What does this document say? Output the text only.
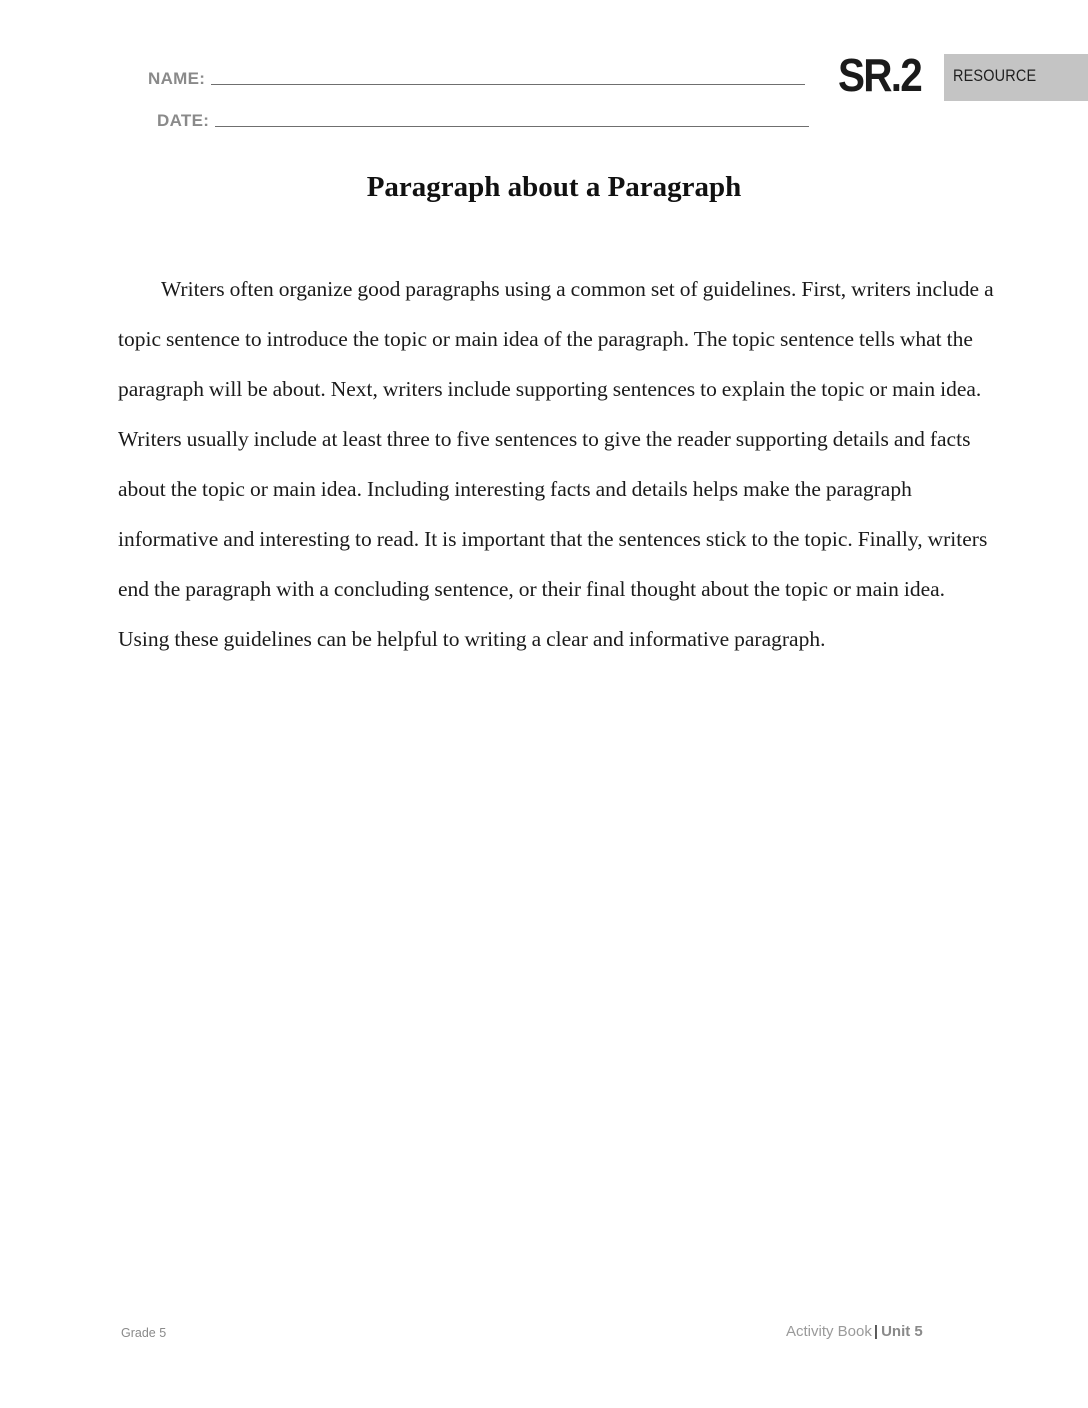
NAME:
DATE:
SR.2 RESOURCE
Paragraph about a Paragraph

Writers often organize good paragraphs using a common set of guidelines. First, writers include a topic sentence to introduce the topic or main idea of the paragraph. The topic sentence tells what the paragraph will be about. Next, writers include supporting sentences to explain the topic or main idea. Writers usually include at least three to five sentences to give the reader supporting details and facts about the topic or main idea. Including interesting facts and details helps make the paragraph informative and interesting to read. It is important that the sentences stick to the topic. Finally, writers end the paragraph with a concluding sentence, or their final thought about the topic or main idea. Using these guidelines can be helpful to writing a clear and informative paragraph.

Grade 5	Activity Book | Unit 5
